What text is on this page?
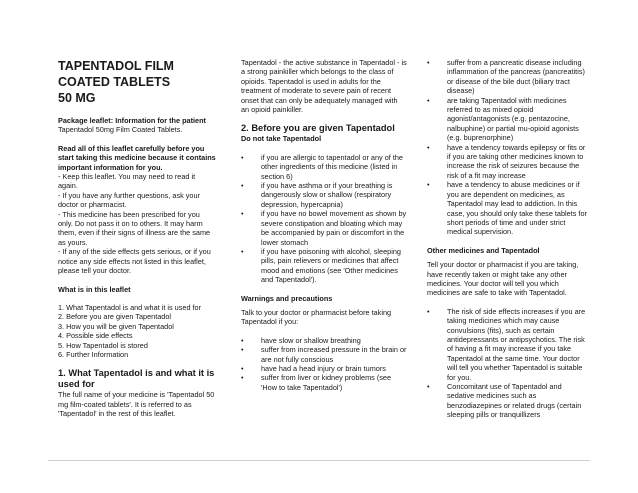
TAPENTADOL FILM
COATED TABLETS
50 MG

Package leaflet: Information for the patient

Tapentadol 50mg Film Coated Tablets.

Read all of this leaflet carefully before you start taking this medicine because it contains important information for you.

- Keep this leaflet. You may need to read it again.

- If you have any further questions, ask your doctor or pharmacist.

- This medicine has been prescribed for you only. Do not pass it on to others. It may harm them, even if their signs of illness are the same as yours.

- If any of the side effects gets serious, or if you notice any side effects not listed in this leaflet, please tell your doctor.

What is in this leaflet

1. What Tapentadol is and what it is used for

2. Before you are given Tapentadol

3. How you will be given Tapentadol

4. Possible side effects

5. How Tapentadol is stored

6. Further Information

1. What Tapentadol is and what it is used for

The full name of your medicine is 'Tapentadol 50 mg film-coated tablets'. It is referred to as 'Tapentadol' in the rest of this leaflet.

Tapentadol - the active substance in Tapentadol - is a strong painkiller which belongs to the class of opioids. Tapentadol is used in adults for the treatment of moderate to severe pain of recent onset that can only be adequately managed with an opioid painkiller.

2. Before you are given Tapentadol

Do not take Tapentadol

• if you are allergic to tapentadol or any of the other ingredients of this medicine (listed in section 6)
• if you have asthma or if your breathing is dangerously slow or shallow (respiratory depression, hypercapnia)
• if you have no bowel movement as shown by severe constipation and bloating which may be accompanied by pain or discomfort in the lower stomach
• if you have poisoning with alcohol, sleeping pills, pain relievers or medicines that affect mood and emotions (see 'Other medicines and Tapentadol').

Warnings and precautions

Talk to your doctor or pharmacist before taking Tapentadol if you:

• have slow or shallow breathing
• suffer from increased pressure in the brain or are not fully conscious
• have had a head injury or brain tumors
• suffer from liver or kidney problems (see 'How to take Tapentadol')
• suffer from a pancreatic disease including inflammation of the pancreas (pancreatitis) or disease of the bile duct (biliary tract disease)
• are taking Tapentadol with medicines referred to as mixed opioid agonist/antagonists (e.g. pentazocine, nalbuphine) or partial mu-opioid agonists (e.g. buprenorphine)
• have a tendency towards epilepsy or fits or if you are taking other medicines known to increase the risk of seizures because the risk of a fit may increase
• have a tendency to abuse medicines or if you are dependent on medicines, as Tapentadol may lead to addiction. In this case, you should only take these tablets for short periods of time and under strict medical supervision.

Other medicines and Tapentadol

Tell your doctor or pharmacist if you are taking, have recently taken or might take any other medicines. Your doctor will tell you which medicines are safe to take with Tapentadol.

• The risk of side effects increases if you are taking medicines which may cause convulsions (fits), such as certain antidepressants or antipsychotics. The risk of having a fit may increase if you take Tapentadol at the same time. Your doctor will tell you whether Tapentadol is suitable for you.
• Concomitant use of Tapentadol and sedative medicines such as benzodiazepines or related drugs (certain sleeping pills or tranquillizers
